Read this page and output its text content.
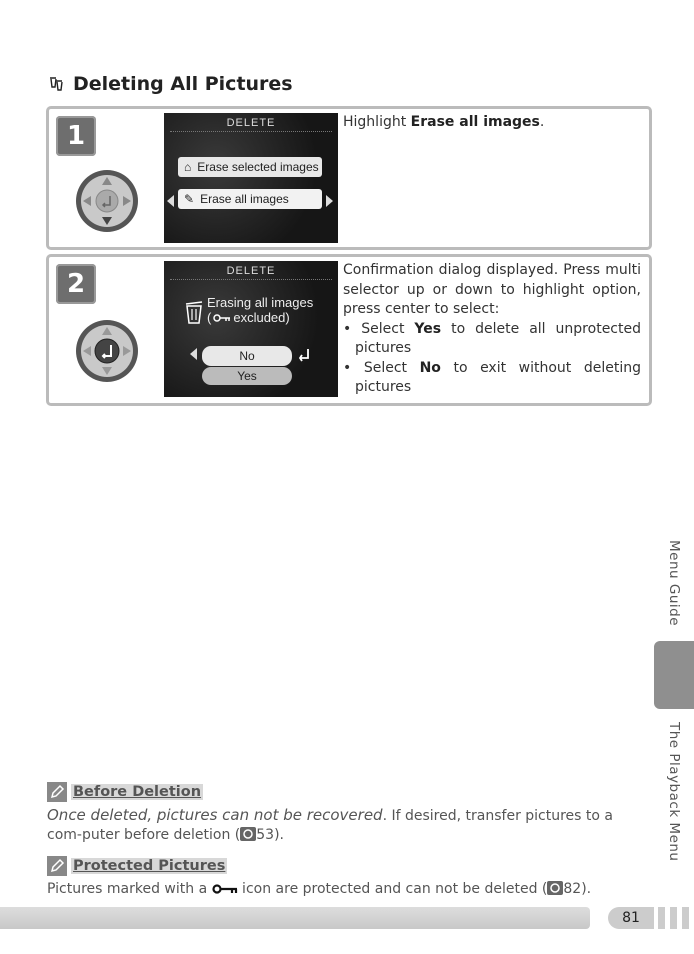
Deleting All Pictures
1	DELETE
⌂ Erase selected images
✎ Erase all images
Highlight Erase all images.
2	DELETE
Erasing all images
( excluded)
No
Yes
Confirmation dialog displayed. Press multi selector up or down to highlight option, press center to select:
• Select Yes to delete all unprotected pictures
• Select No to exit without deleting pictures
Menu Guide
The Playback Menu
Before Deletion
Once deleted, pictures can not be recovered. If desired, transfer pictures to a com-puter before deletion ( 53).
Protected Pictures
Pictures marked with a  icon are protected and can not be deleted ( 82).
81
